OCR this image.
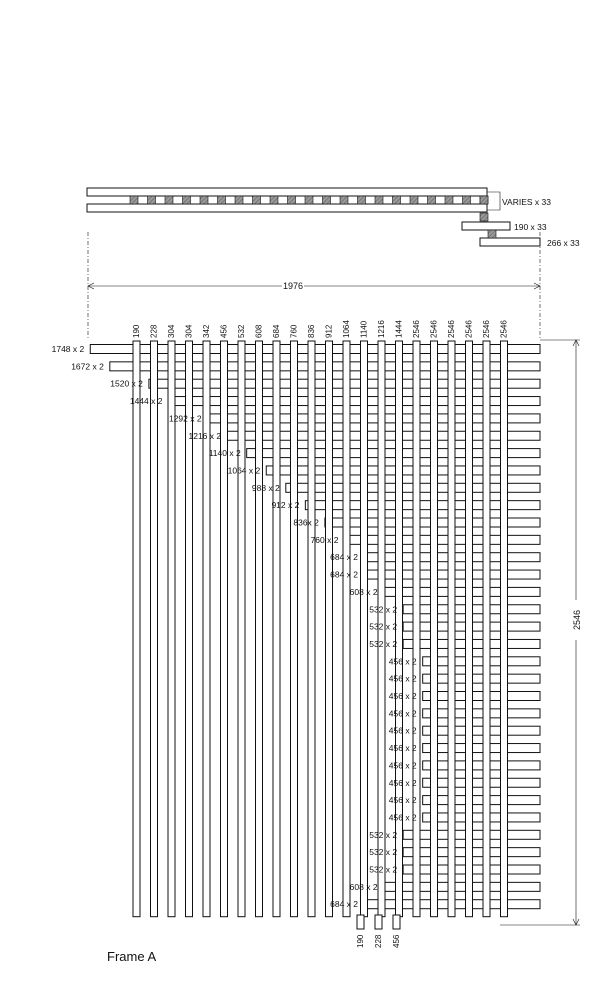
VARIES x 33
190 x 33
266 x 33
1976
2546
190 228 304 304 342 456 532 608 684 760 836 912 1064 1140 1216 1444 2546 2546 2546 2546 2546 2546
1748 x 2
1672 x 2
1520 x 2
1444 x 2
1292 x 2
1216 x 2
1140 x 2
1064 x 2
988 x 2
912 x 2
836x 2
760 x 2
684 x 2
684 x 2
608 x 2
532 x 2
532 x 2
532 x 2
456 x 2
456 x 2
456 x 2
456 x 2
456 x 2
456 x 2
456 x 2
456 x 2
456 x 2
456 x 2
532 x 2
532 x 2
532 x 2
608 x 2
684 x 2
190 228 456
Frame A
